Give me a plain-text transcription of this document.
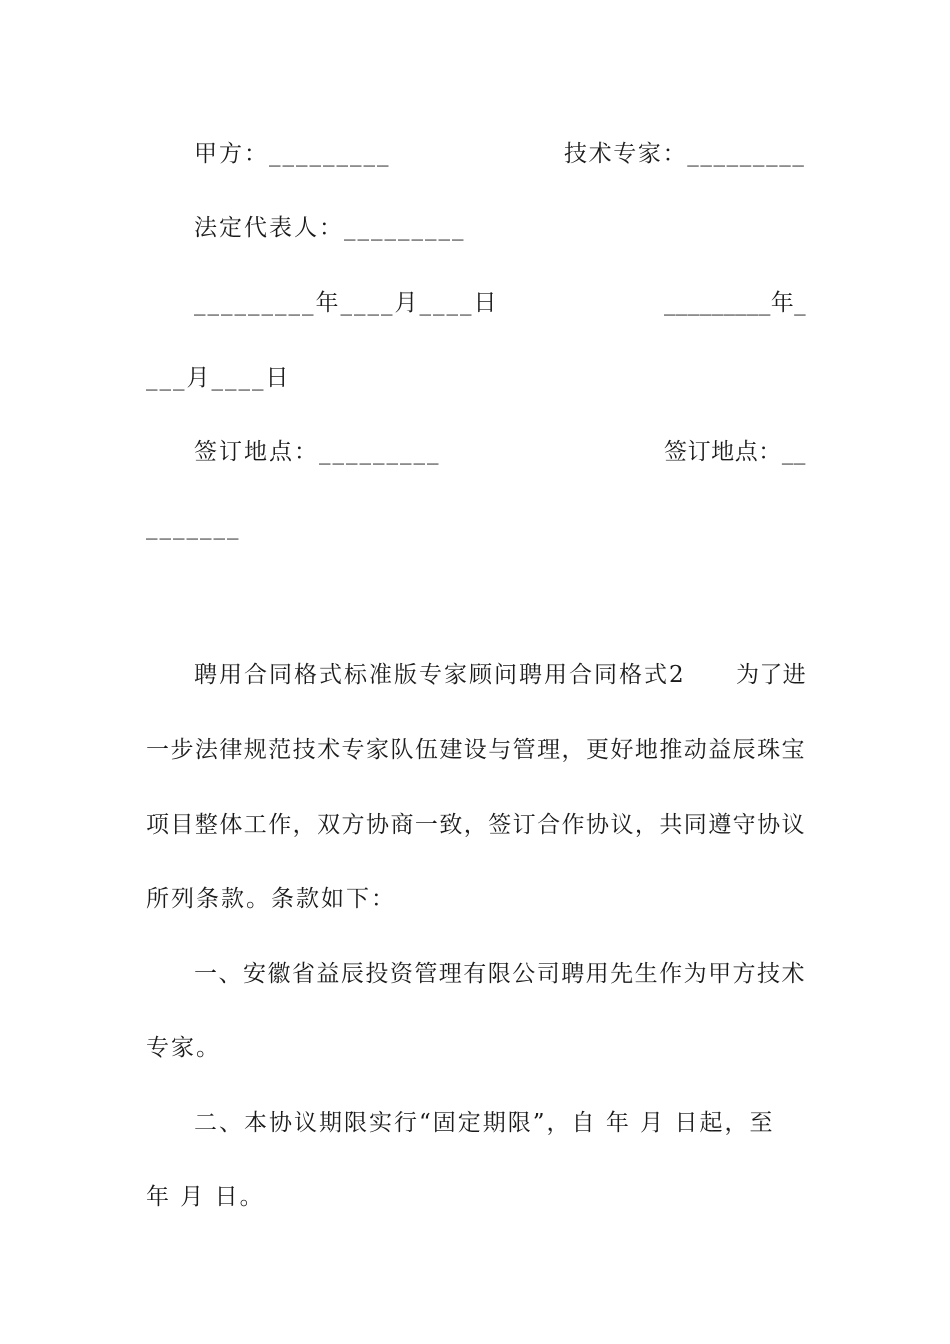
甲方：_________	技术专家：_________
法定代表人：_________
_________年____月____日	_________年_
___月____日
签订地点：_________	签订地点：__
_______
聘用合同格式标准版专家顾问聘用合同格式2 为了进
一步法律规范技术专家队伍建设与管理，更好地推动益辰珠宝
项目整体工作，双方协商一致，签订合作协议，共同遵守协议
所列条款。条款如下：
一、安徽省益辰投资管理有限公司聘用先生作为甲方技术
专家。
二、本协议期限实行“固定期限”，自 年 月 日起，至
年 月 日。
